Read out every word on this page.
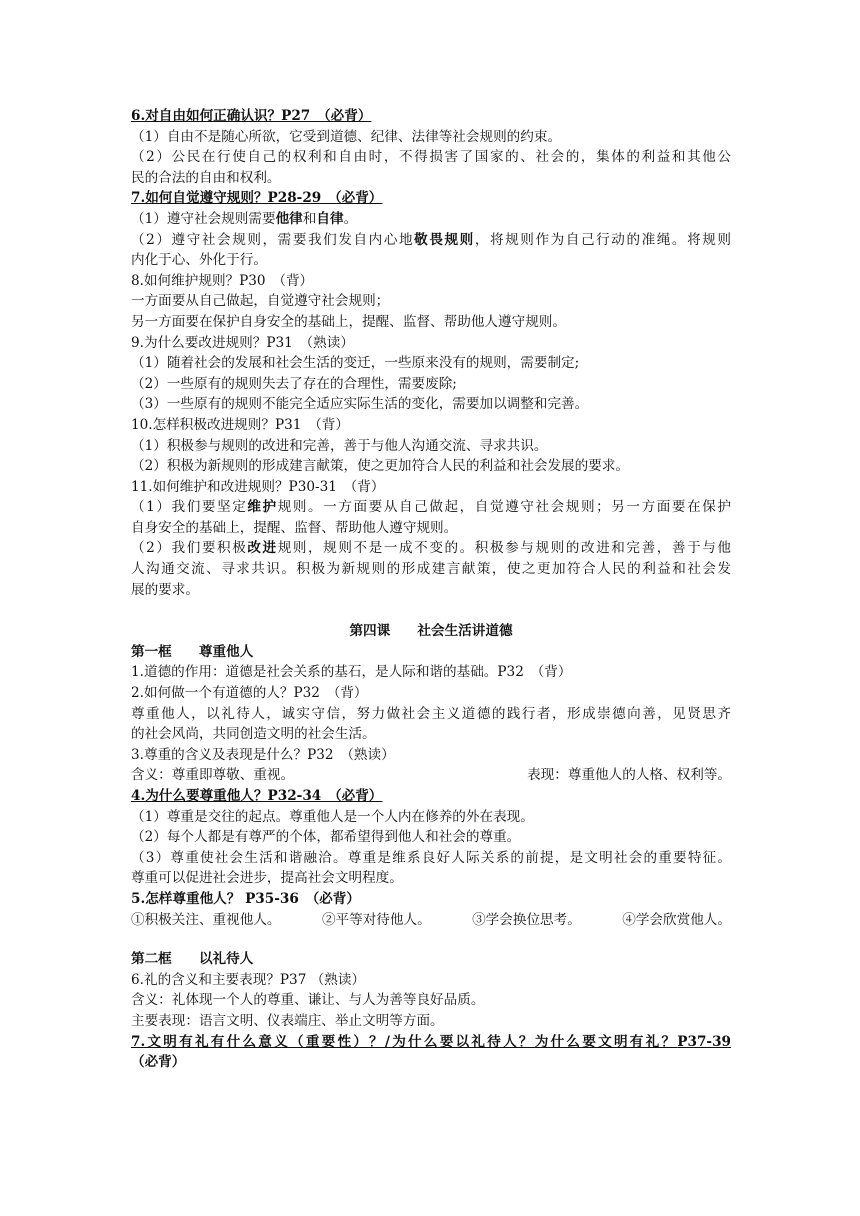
6.对自由如何正确认识？P27　（必背）

（1）自由不是随心所欲，它受到道德、纪律、法律等社会规则的约束。

（2）公民在行使自己的权利和自由时，不得损害了国家的、社会的，集体的利益和其他公

民的合法的自由和权利。

7.如何自觉遵守规则？P28-29　（必背）

（1）遵守社会规则需要他律和自律。

（2）遵守社会规则，需要我们发自内心地敬畏规则，将规则作为自己行动的准绳。将规则

内化于心、外化于行。

8.如何维护规则？P30　（背）

一方面要从自己做起，自觉遵守社会规则；

另一方面要在保护自身安全的基础上，提醒、监督、帮助他人遵守规则。

9.为什么要改进规则？P31　（熟读）

（1）随着社会的发展和社会生活的变迁，一些原来没有的规则，需要制定;

（2）一些原有的规则失去了存在的合理性，需要废除;

（3）一些原有的规则不能完全适应实际生活的变化，需要加以调整和完善。

10.怎样积极改进规则？P31　（背）

（1）积极参与规则的改进和完善，善于与他人沟通交流、寻求共识。

（2）积极为新规则的形成建言献策，使之更加符合人民的利益和社会发展的要求。

11.如何维护和改进规则？P30-31　（背）

（1）我们要坚定维护规则。一方面要从自己做起，自觉遵守社会规则；另一方面要在保护

自身安全的基础上，提醒、监督、帮助他人遵守规则。

（2）我们要积极改进规则，规则不是一成不变的。积极参与规则的改进和完善，善于与他

人沟通交流、寻求共识。积极为新规则的形成建言献策，使之更加符合人民的利益和社会发

展的要求。

第四课　　社会生活讲道德

第一框　　尊重他人

1.道德的作用：道德是社会关系的基石，是人际和谐的基础。P32　（背）

2.如何做一个有道德的人？P32　（背）

尊重他人，以礼待人，诚实守信，努力做社会主义道德的践行者，形成崇德向善，见贤思齐

的社会风尚，共同创造文明的社会生活。

3.尊重的含义及表现是什么？P32　（熟读）

含义：尊重即尊敬、重视。	表现：尊重他人的人格、权利等。

4.为什么要尊重他人？P32-34　（必背）

（1）尊重是交往的起点。尊重他人是一个人内在修养的外在表现。

（2）每个人都是有尊严的个体，都希望得到他人和社会的尊重。

（3）尊重使社会生活和谐融洽。尊重是维系良好人际关系的前提，是文明社会的重要特征。

尊重可以促进社会进步，提高社会文明程度。

5.怎样尊重他人？ P35-36　（必背）

①积极关注、重视他人。	②平等对待他人。	③学会换位思考。	④学会欣赏他人。

第二框　　以礼待人

6.礼的含义和主要表现？P37 （熟读）

含义：礼体现一个人的尊重、谦让、与人为善等良好品质。

主要表现：语言文明、仪表端庄、举止文明等方面。

7.文明有礼有什么意义（重要性）？/为什么要以礼待人？为什么要文明有礼？P37-39

（必背）
